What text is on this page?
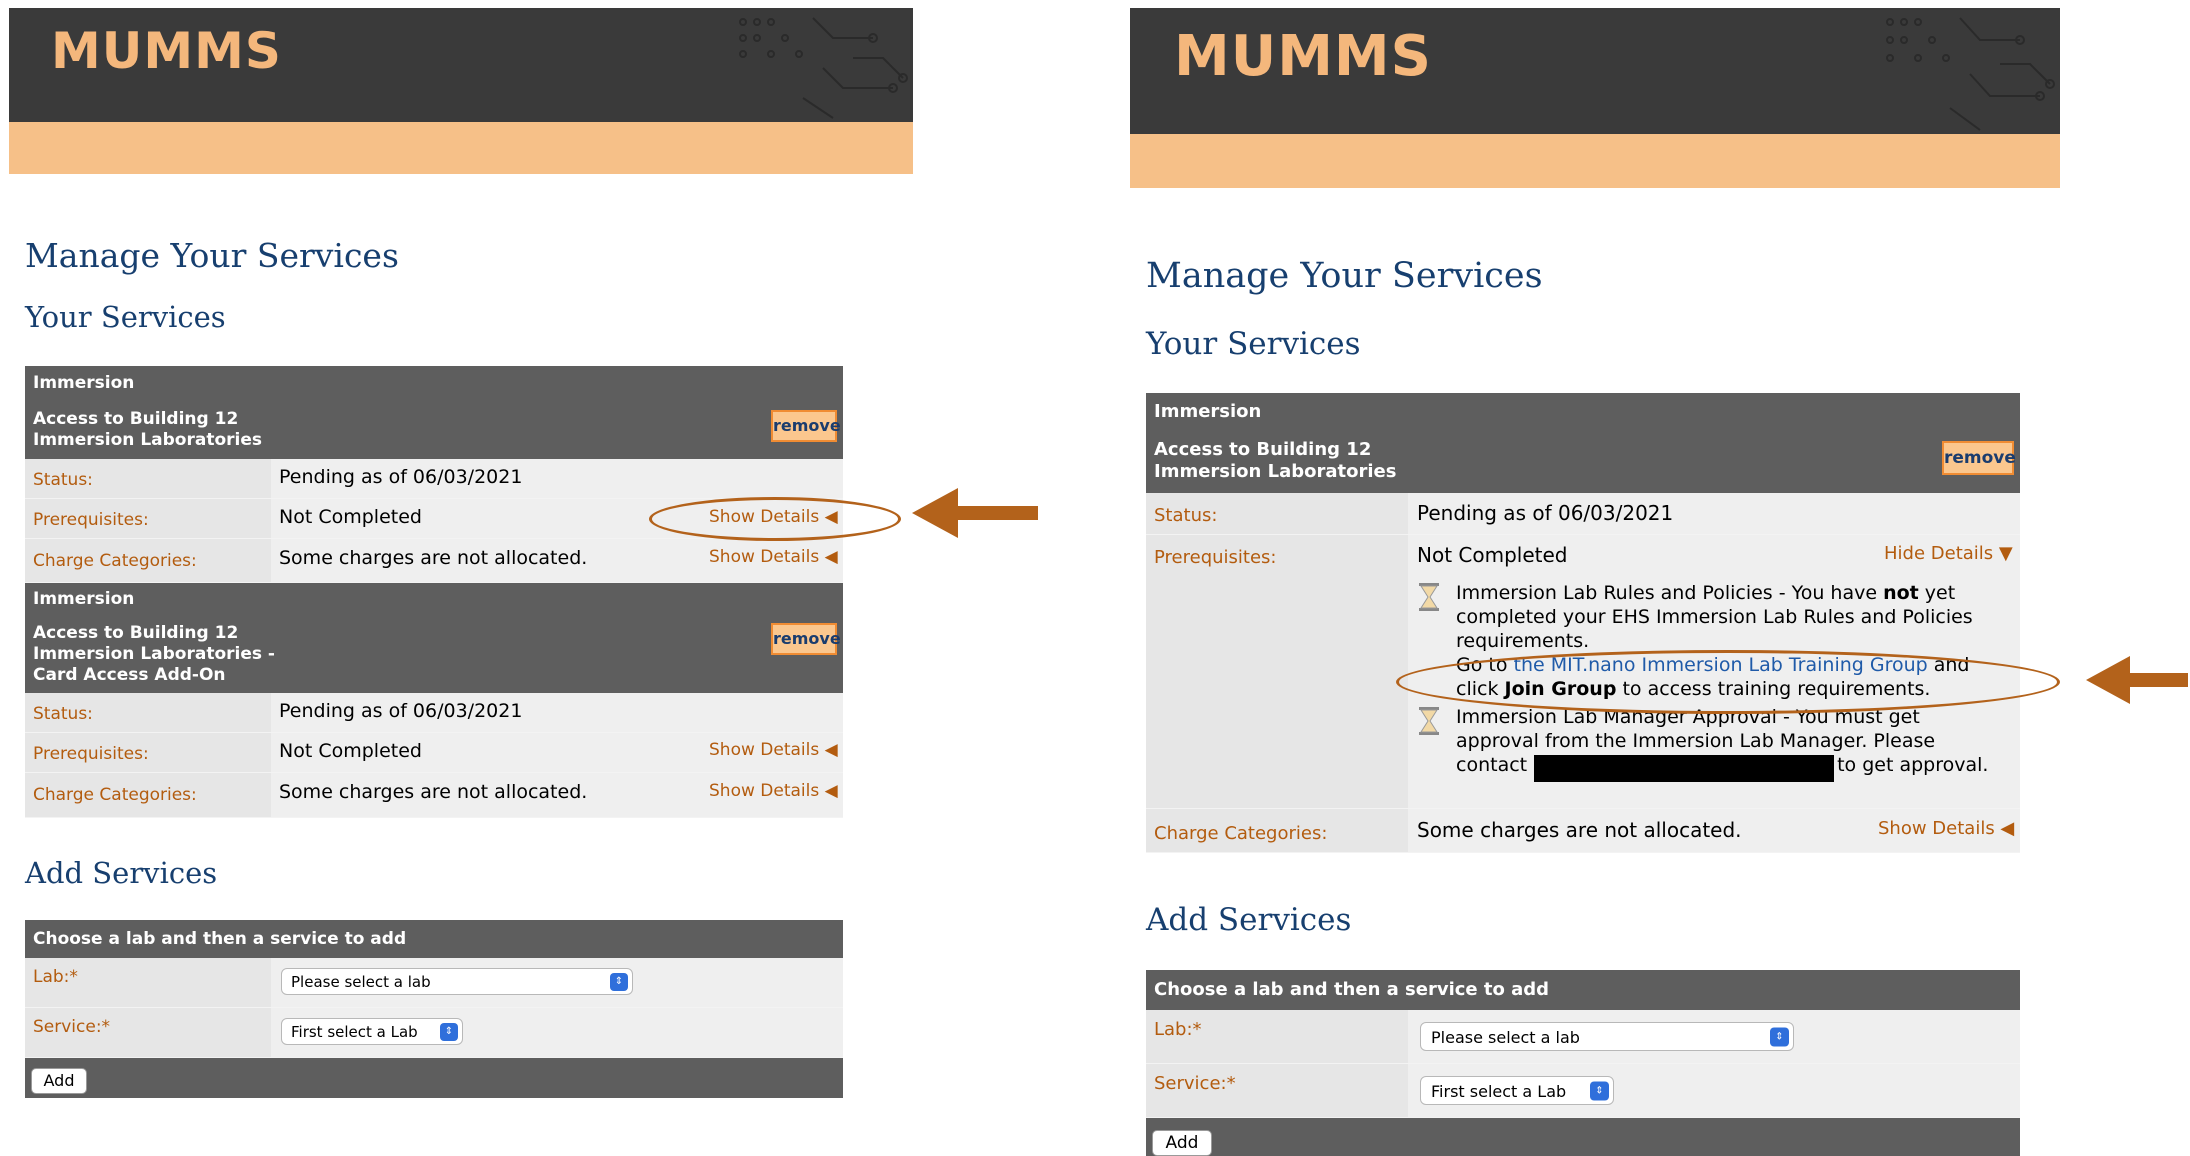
MUMMS
Manage Your Services
Your Services
Immersion
Access to Building 12
Immersion Laboratories
remove
Status:	Pending as of 06/03/2021
Prerequisites:	Not Completed	Show Details ◀
Charge Categories:	Some charges are not allocated.	Show Details ◀
Immersion
Access to Building 12
Immersion Laboratories -
Card Access Add-On
remove
Status:	Pending as of 06/03/2021
Prerequisites:	Not Completed	Show Details ◀
Charge Categories:	Some charges are not allocated.	Show Details ◀
Add Services
Choose a lab and then a service to add
Lab:*	Please select a lab	⇕
Service:*	First select a Lab	⇕
Add
MUMMS
Manage Your Services
Your Services
Immersion
Access to Building 12
Immersion Laboratories
remove
Status:	Pending as of 06/03/2021
Prerequisites:	Not Completed	Hide Details ▼
Immersion Lab Rules and Policies - You have not yet
completed your EHS Immersion Lab Rules and Policies
requirements.
Go to the MIT.nano Immersion Lab Training Group and
click Join Group to access training requirements.
Immersion Lab Manager Approval - You must get
approval from the Immersion Lab Manager. Please
contact	to get approval.
Charge Categories:	Some charges are not allocated.	Show Details ◀
Add Services
Choose a lab and then a service to add
Lab:*	Please select a lab	⇕
Service:*	First select a Lab	⇕
Add
